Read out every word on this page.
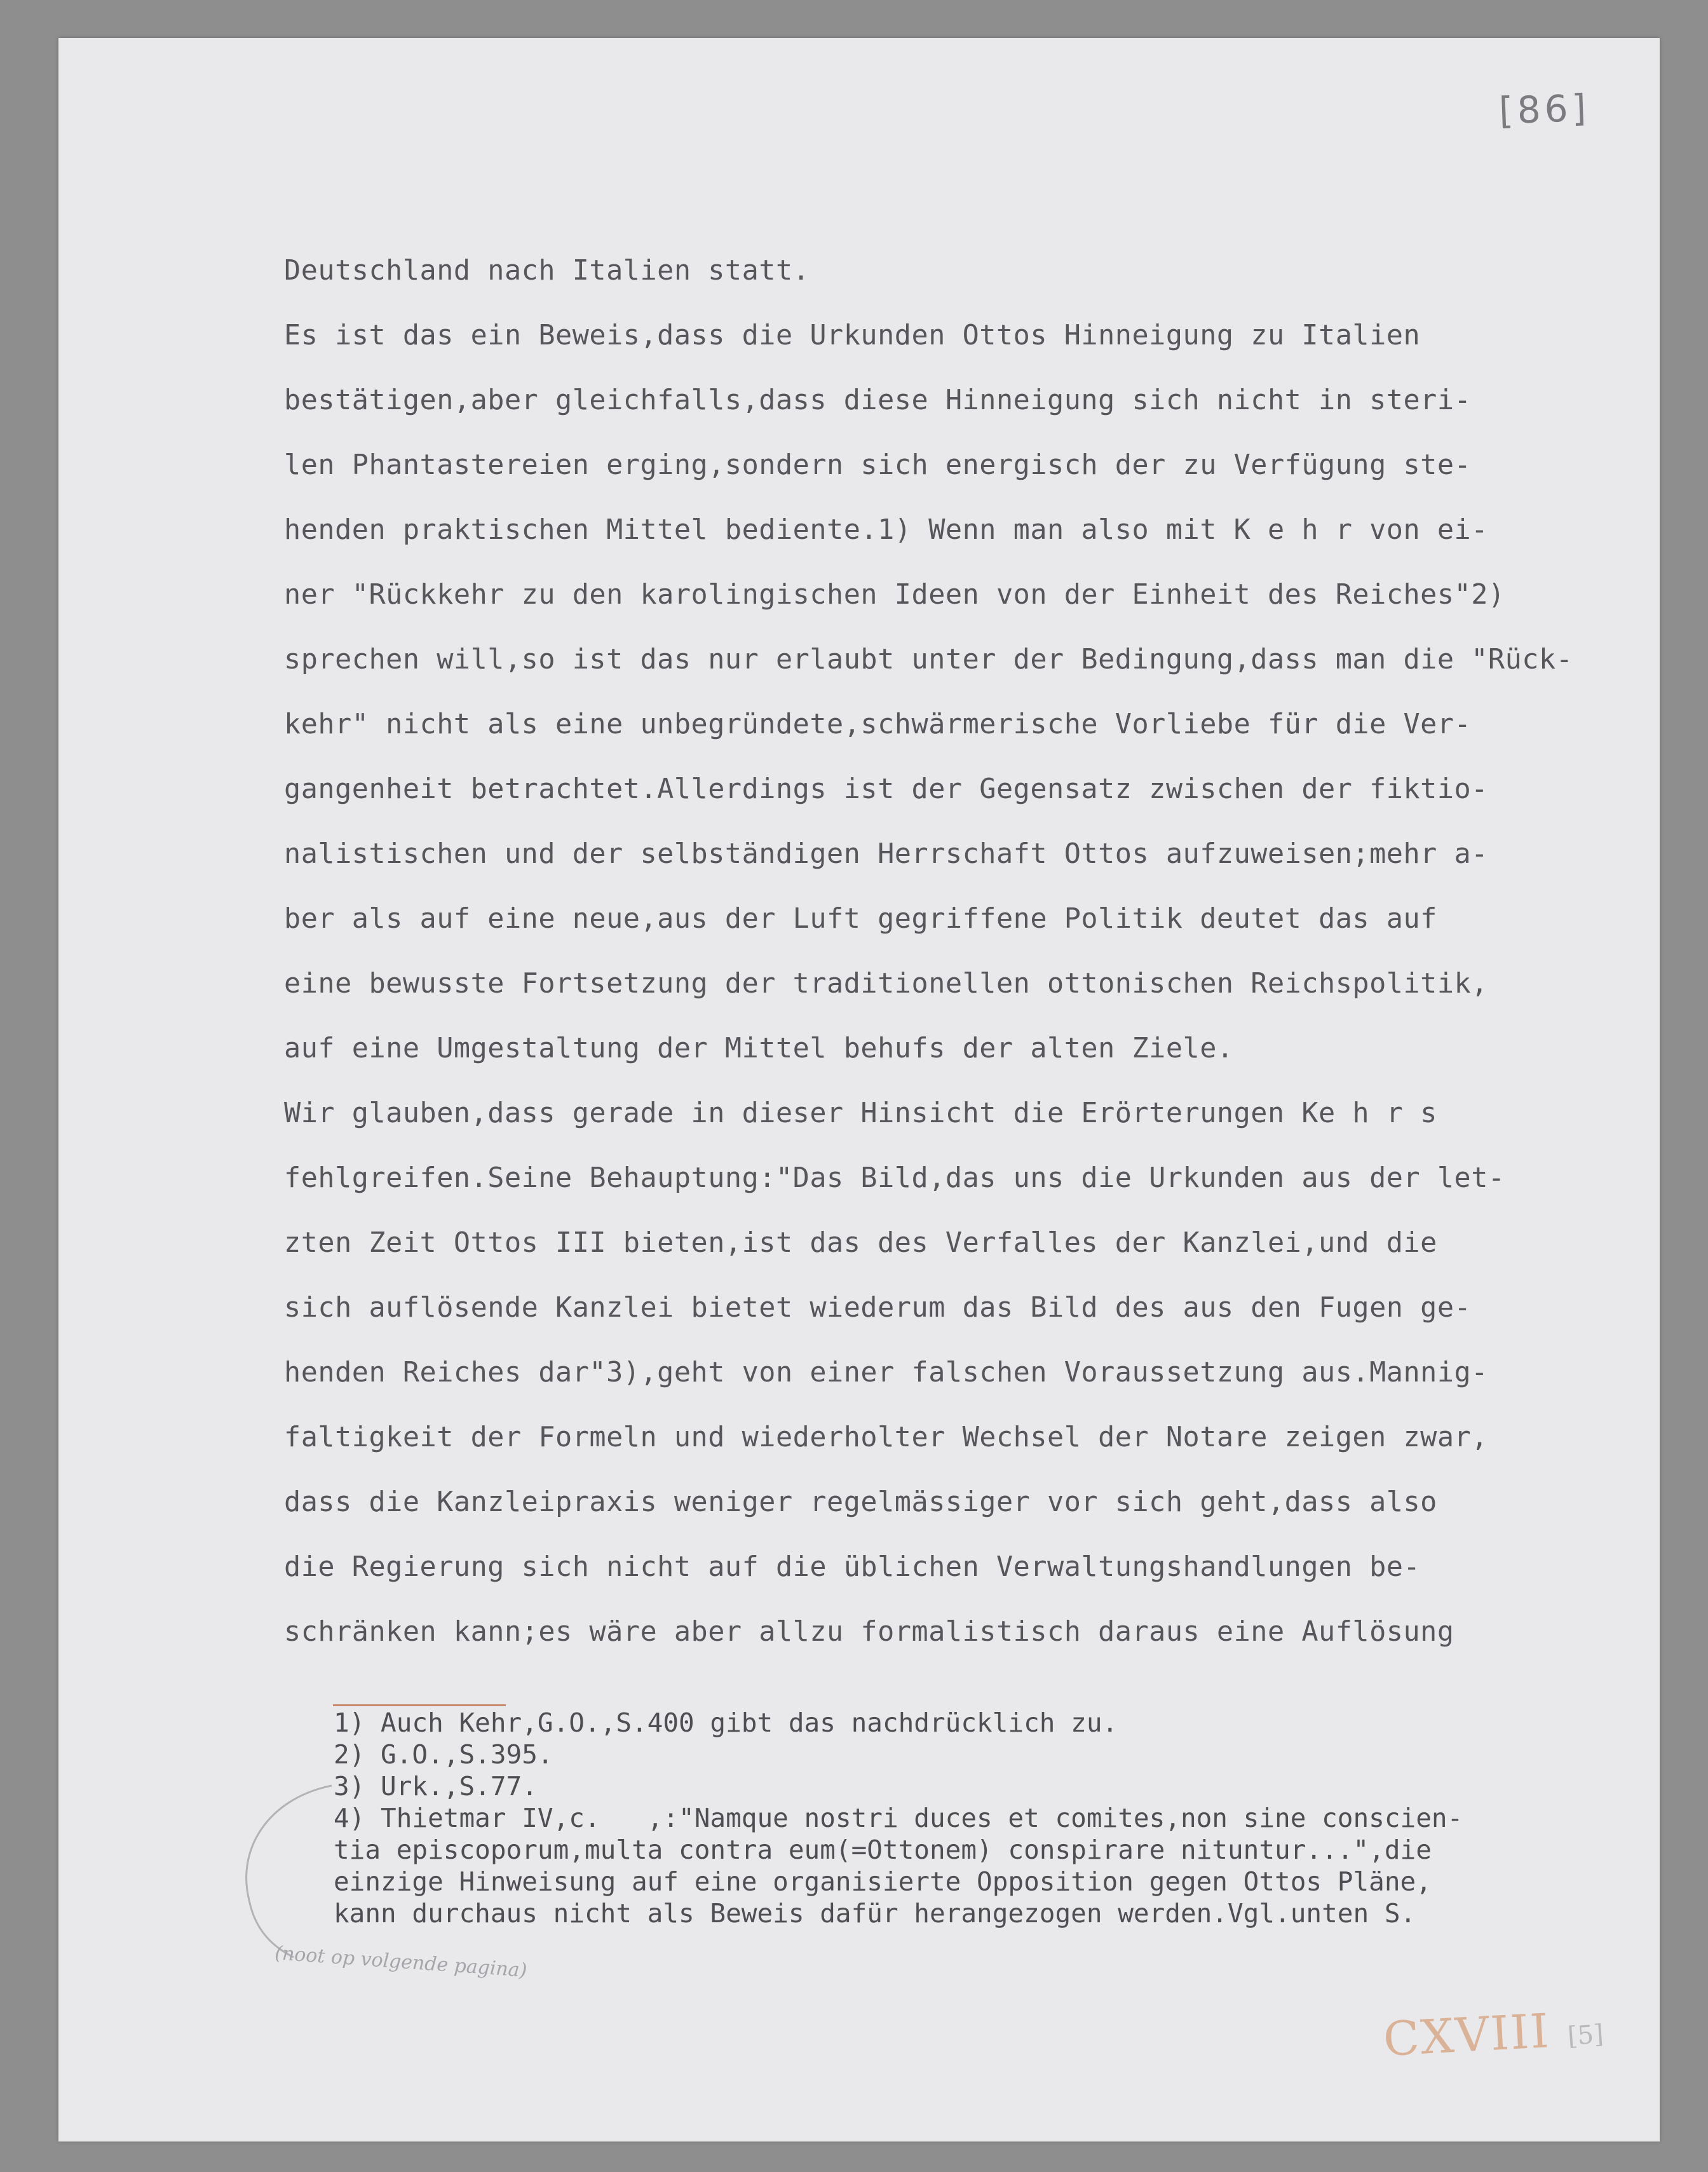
[86]
Deutschland nach Italien statt.
Es ist das ein Beweis,dass die Urkunden Ottos Hinneigung zu Italien
bestätigen,aber gleichfalls,dass diese Hinneigung sich nicht in steri-
len Phantastereien erging,sondern sich energisch der zu Verfügung ste-
henden praktischen Mittel bediente.1) Wenn man also mit K e h r von ei-
ner "Rückkehr zu den karolingischen Ideen von der Einheit des Reiches"2)
sprechen will,so ist das nur erlaubt unter der Bedingung,dass man die "Rück-
kehr" nicht als eine unbegründete,schwärmerische Vorliebe für die Ver-
gangenheit betrachtet.Allerdings ist der Gegensatz zwischen der fiktio-
nalistischen und der selbständigen Herrschaft Ottos aufzuweisen;mehr a-
ber als auf eine neue,aus der Luft gegriffene Politik deutet das auf
eine bewusste Fortsetzung der traditionellen ottonischen Reichspolitik,
auf eine Umgestaltung der Mittel behufs der alten Ziele.
Wir glauben,dass gerade in dieser Hinsicht die Erörterungen Ke h r s
fehlgreifen.Seine Behauptung:"Das Bild,das uns die Urkunden aus der let-
zten Zeit Ottos III bieten,ist das des Verfalles der Kanzlei,und die
sich auflösende Kanzlei bietet wiederum das Bild des aus den Fugen ge-
henden Reiches dar"3),geht von einer falschen Voraussetzung aus.Mannig-
faltigkeit der Formeln und wiederholter Wechsel der Notare zeigen zwar,
dass die Kanzleipraxis weniger regelmässiger vor sich geht,dass also
die Regierung sich nicht auf die üblichen Verwaltungshandlungen be-
schränken kann;es wäre aber allzu formalistisch daraus eine Auflösung
1) Auch Kehr,G.O.,S.400 gibt das nachdrücklich zu.
2) G.O.,S.395.
3) Urk.,S.77.
4) Thietmar IV,c.   ,:"Namque nostri duces et comites,non sine conscien-
tia episcoporum,multa contra eum(=Ottonem) conspirare nituntur...",die
einzige Hinweisung auf eine organisierte Opposition gegen Ottos Pläne,
kann durchaus nicht als Beweis dafür herangezogen werden.Vgl.unten S.
(noot op volgende pagina)
CXVIII [5]
